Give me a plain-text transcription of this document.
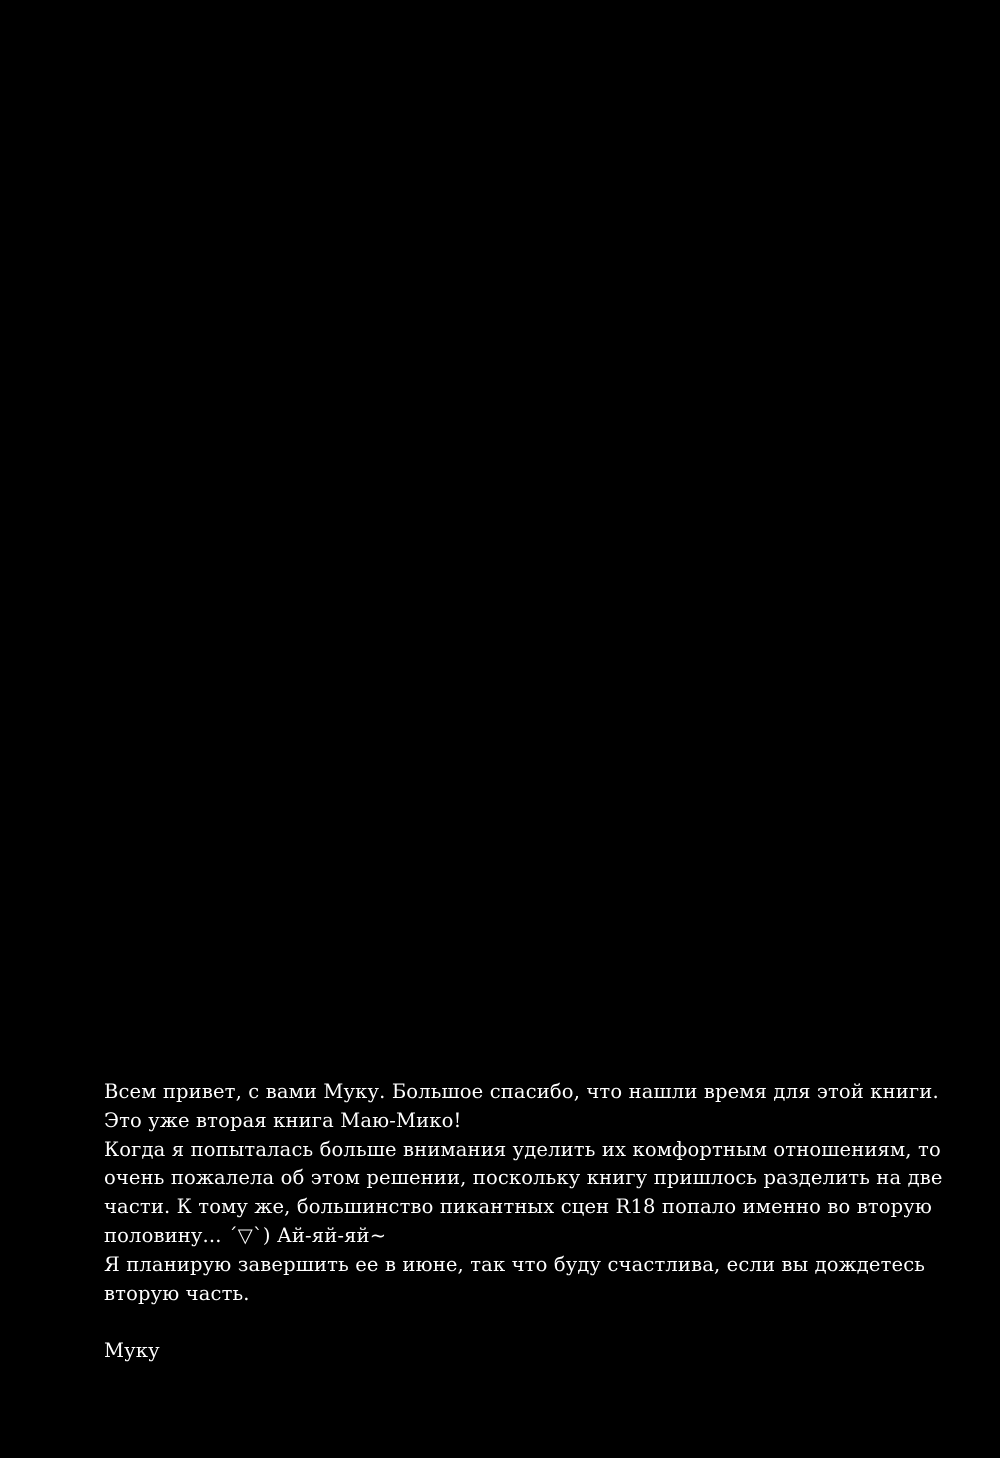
Всем привет, с вами Муку. Большое спасибо, что нашли время для этой книги.
Это уже вторая книга Маю-Мико!
Когда я попыталась больше внимания уделить их комфортным отношениям, то
очень пожалела об этом решении, поскольку книгу пришлось разделить на две
части. К тому же, большинство пикантных сцен R18 попало именно во вторую
половину... ´▽`) Ай-яй-яй~
Я планирую завершить ее в июне, так что буду счастлива, если вы дождетесь
вторую часть.
Муку
